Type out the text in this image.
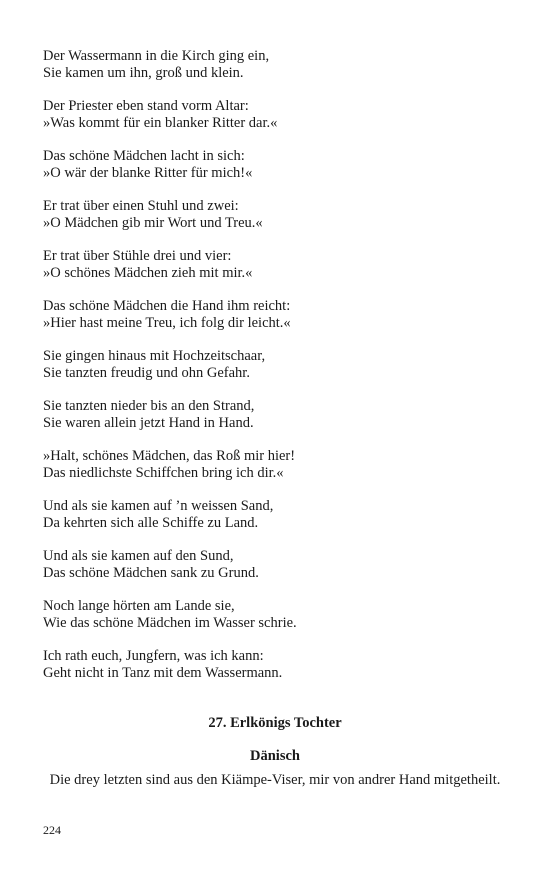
Der Wassermann in die Kirch ging ein,
Sie kamen um ihn, groß und klein.
Der Priester eben stand vorm Altar:
»Was kommt für ein blanker Ritter dar.«
Das schöne Mädchen lacht in sich:
»O wär der blanke Ritter für mich!«
Er trat über einen Stuhl und zwei:
»O Mädchen gib mir Wort und Treu.«
Er trat über Stühle drei und vier:
»O schönes Mädchen zieh mit mir.«
Das schöne Mädchen die Hand ihm reicht:
»Hier hast meine Treu, ich folg dir leicht.«
Sie gingen hinaus mit Hochzeitschaar,
Sie tanzten freudig und ohn Gefahr.
Sie tanzten nieder bis an den Strand,
Sie waren allein jetzt Hand in Hand.
»Halt, schönes Mädchen, das Roß mir hier!
Das niedlichste Schiffchen bring ich dir.«
Und als sie kamen auf ’n weissen Sand,
Da kehrten sich alle Schiffe zu Land.
Und als sie kamen auf den Sund,
Das schöne Mädchen sank zu Grund.
Noch lange hörten am Lande sie,
Wie das schöne Mädchen im Wasser schrie.
Ich rath euch, Jungfern, was ich kann:
Geht nicht in Tanz mit dem Wassermann.
27. Erlkönigs Tochter
Dänisch
Die drey letzten sind aus den Kiämpe-Viser, mir von andrer Hand mitgetheilt.
224
